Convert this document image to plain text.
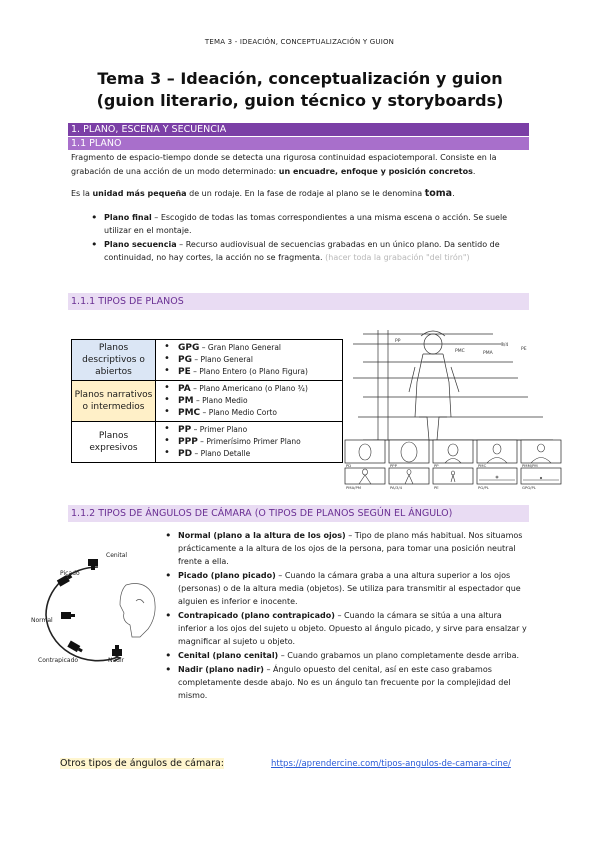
TEMA 3 - IDEACIÓN, CONCEPTUALIZACIÓN Y GUION
Tema 3 – Ideación, conceptualización y guion
(guion literario, guion técnico y storyboards)
1. PLANO, ESCENA Y SECUENCIA
1.1 PLANO
Fragmento de espacio-tiempo donde se detecta una rigurosa continuidad espaciotemporal. Consiste en la grabación de una acción de un modo determinado: un encuadre, enfoque y posición concretos.
Es la unidad más pequeña de un rodaje. En la fase de rodaje al plano se le denomina toma.
• Plano final – Escogido de todas las tomas correspondientes a una misma escena o acción. Se suele utilizar en el montaje.
• Plano secuencia – Recurso audiovisual de secuencias grabadas en un único plano. Da sentido de continuidad, no hay cortes, la acción no se fragmenta. (hacer toda la grabación "del tirón")
1.1.1 TIPOS DE PLANOS
Planos descriptivos o abiertos	• GPG – Gran Plano General
• PG – Plano General
• PE – Plano Entero (o Plano Figura)

Planos narrativos o intermedios	• PA – Plano Americano (o Plano ¾)
• PM – Plano Medio
• PMC – Plano Medio Corto

Planos expresivos	• PP – Primer Plano
• PPP – Primerísimo Primer Plano
• PD – Plano Detalle
PP
PMC	PMA
3/4
PE
PD	PPP	PP	PMC	PMM/PM
PMA/PM	PA/3/4	PE	PG/PL	GPG/PL
1.1.2 TIPOS DE ÁNGULOS DE CÁMARA (O TIPOS DE PLANOS SEGÚN EL ÁNGULO)
Cenital
Picado
Normal
Contrapicado	Nadir
• Normal (plano a la altura de los ojos) – Tipo de plano más habitual. Nos situamos prácticamente a la altura de los ojos de la persona, para tomar una posición neutral frente a ella.
• Picado (plano picado) – Cuando la cámara graba a una altura superior a los ojos (personas) o de la altura media (objetos). Se utiliza para transmitir al espectador que alguien es inferior e inocente.
• Contrapicado (plano contrapicado) – Cuando la cámara se sitúa a una altura inferior a los ojos del sujeto u objeto. Opuesto al ángulo picado, y sirve para ensalzar y magnificar al sujeto u objeto.
• Cenital (plano cenital) – Cuando grabamos un plano completamente desde arriba.
• Nadir (plano nadir) – Ángulo opuesto del cenital, así en este caso grabamos completamente desde abajo. No es un ángulo tan frecuente por la complejidad del mismo.
Otros tipos de ángulos de cámara:	https://aprendercine.com/tipos-angulos-de-camara-cine/
